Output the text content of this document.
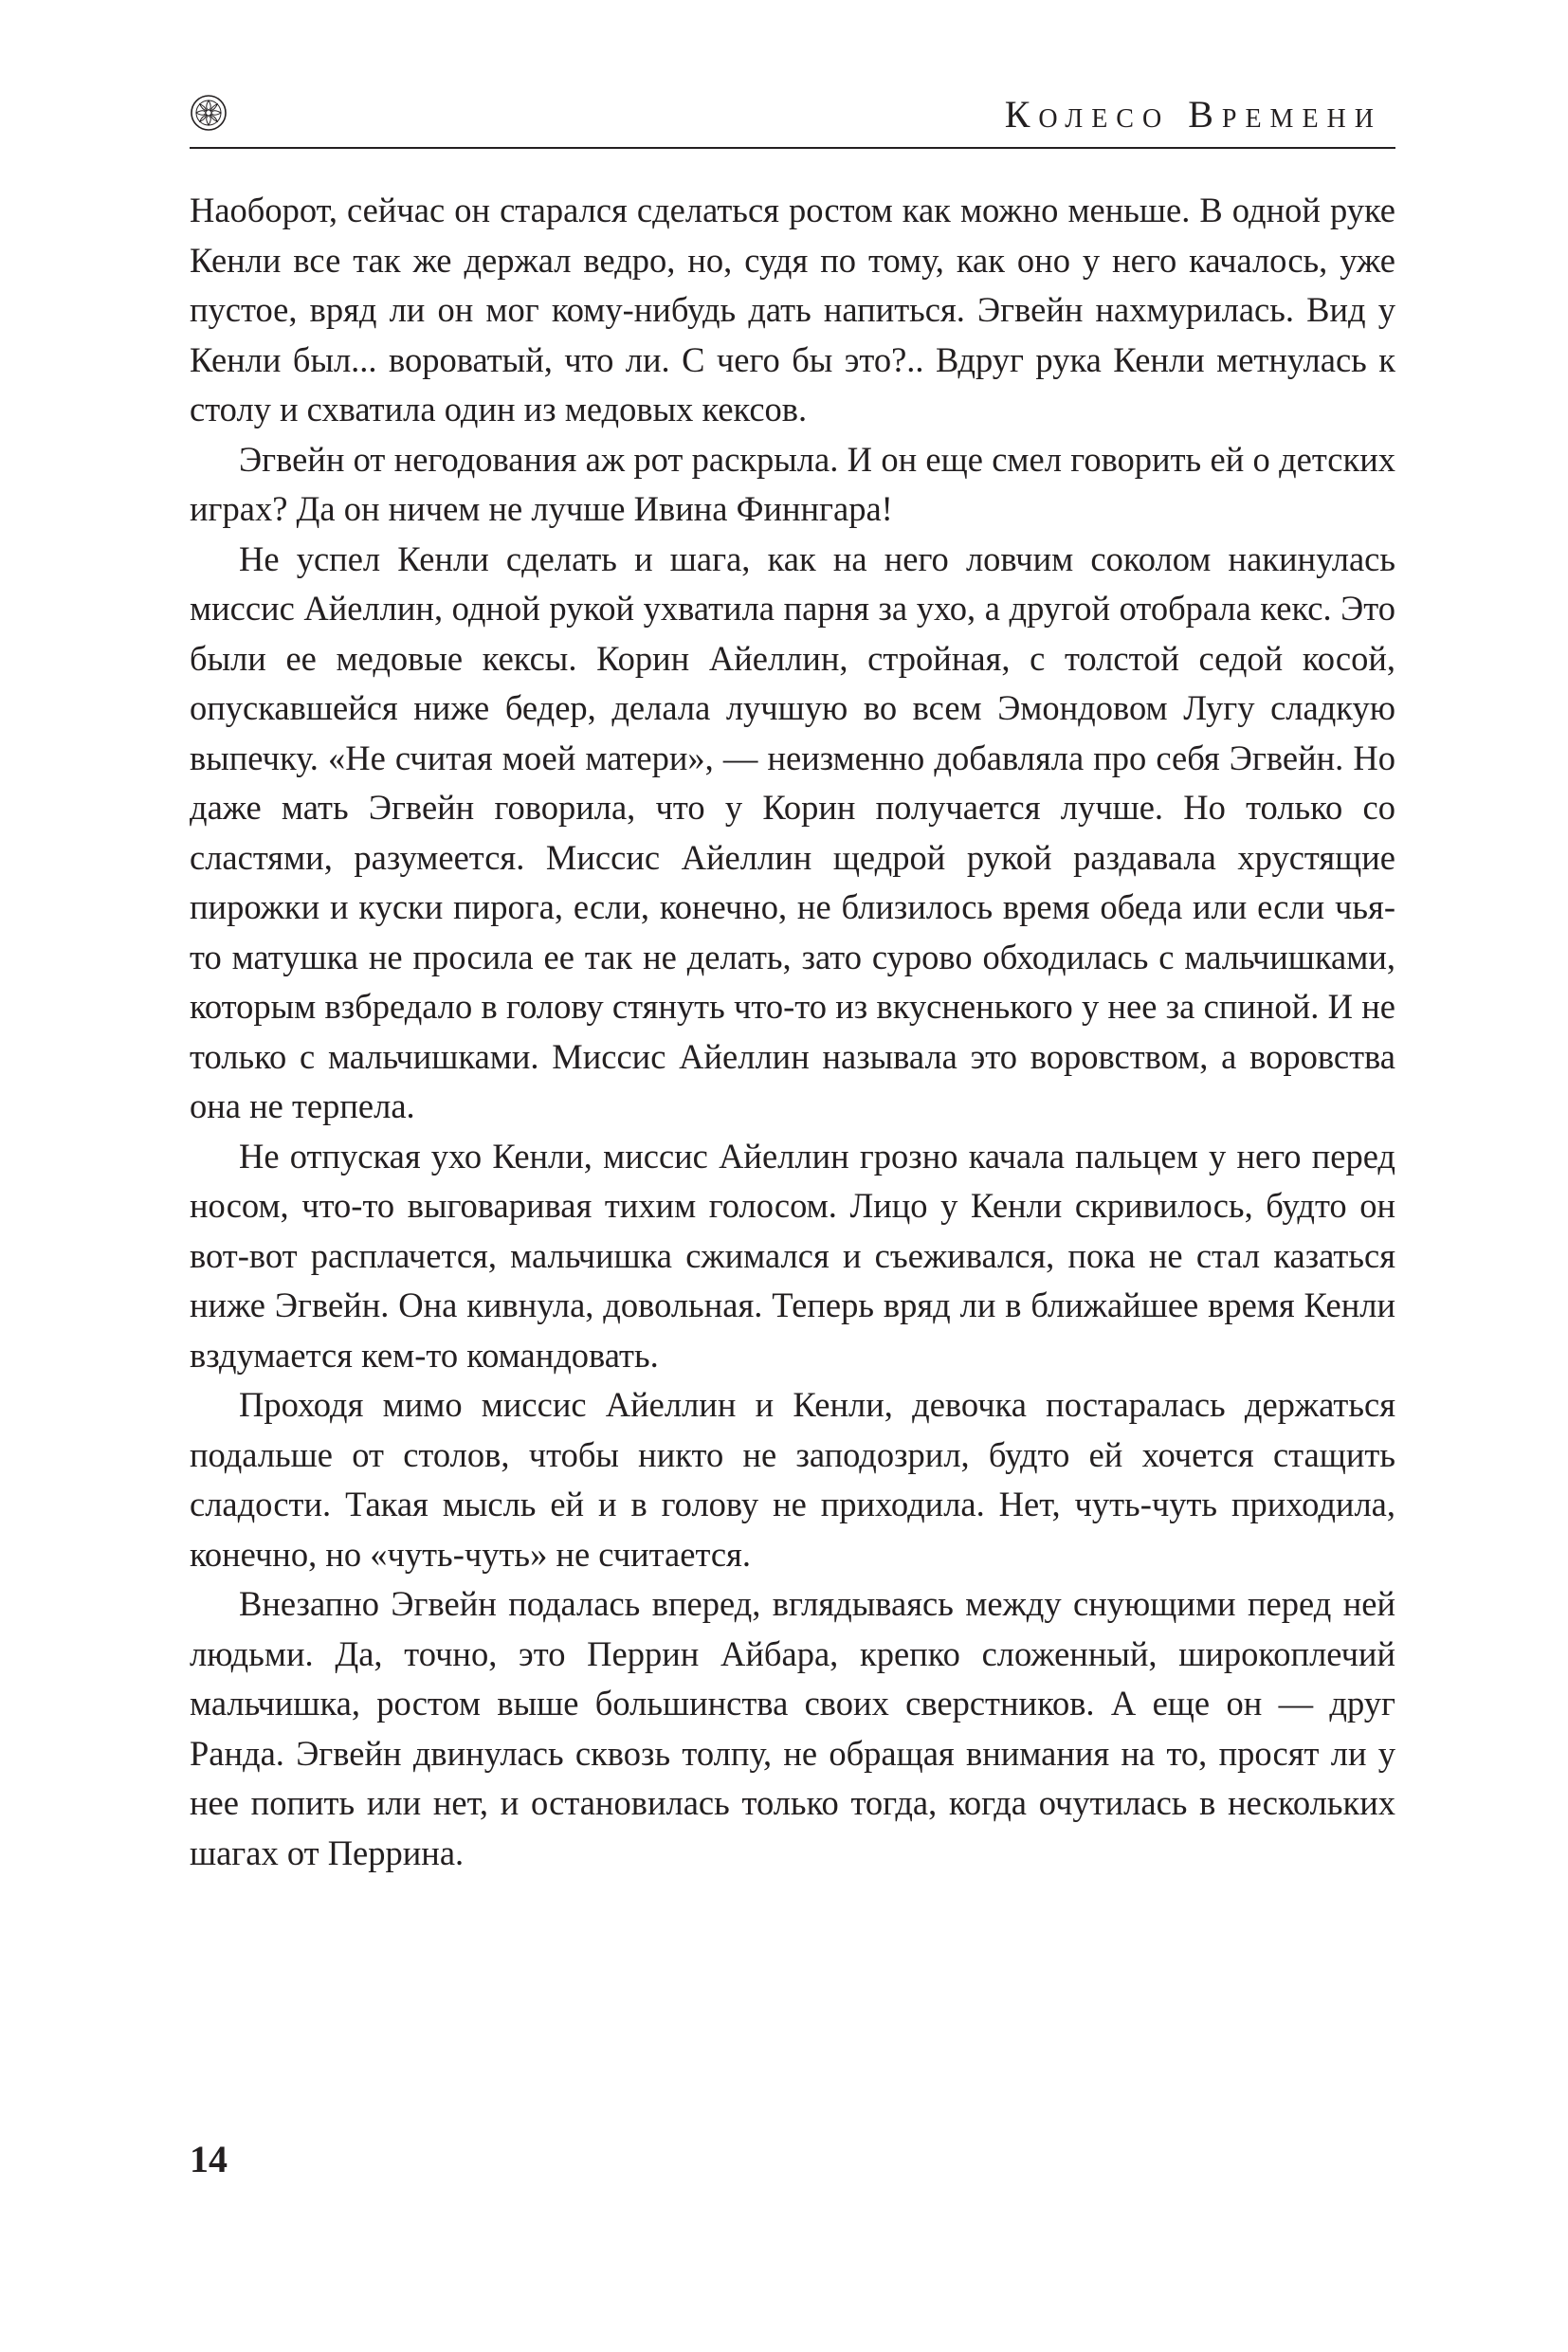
Колесо Времени

Наоборот, сейчас он старался сделаться ростом как можно меньше. В одной руке Кенли все так же держал ведро, но, судя по тому, как оно у него качалось, уже пустое, вряд ли он мог кому-нибудь дать напиться. Эгвейн нахмурилась. Вид у Кенли был... вороватый, что ли. С чего бы это?.. Вдруг рука Кенли метнулась к столу и схватила один из медовых кексов.

Эгвейн от негодования аж рот раскрыла. И он еще смел говорить ей о детских играх? Да он ничем не лучше Ивина Финнгара!

Не успел Кенли сделать и шага, как на него ловчим соколом накинулась миссис Айеллин, одной рукой ухватила парня за ухо, а другой отобрала кекс. Это были ее медовые кексы. Корин Айеллин, стройная, с толстой седой косой, опускавшейся ниже бедер, делала лучшую во всем Эмондовом Лугу сладкую выпечку. «Не считая моей матери», — неизменно добавляла про себя Эгвейн. Но даже мать Эгвейн говорила, что у Корин получается лучше. Но только со сластями, разумеется. Миссис Айеллин щедрой рукой раздавала хрустящие пирожки и куски пирога, если, конечно, не близилось время обеда или если чья-то матушка не просила ее так не делать, зато сурово обходилась с мальчишками, которым взбредало в голову стянуть что-то из вкусненького у нее за спиной. И не только с мальчишками. Миссис Айеллин называла это воровством, а воровства она не терпела.

Не отпуская ухо Кенли, миссис Айеллин грозно качала пальцем у него перед носом, что-то выговаривая тихим голосом. Лицо у Кенли скривилось, будто он вот-вот расплачется, мальчишка сжимался и съеживался, пока не стал казаться ниже Эгвейн. Она кивнула, довольная. Теперь вряд ли в ближайшее время Кенли вздумается кем-то командовать.

Проходя мимо миссис Айеллин и Кенли, девочка постаралась держаться подальше от столов, чтобы никто не заподозрил, будто ей хочется стащить сладости. Такая мысль ей и в голову не приходила. Нет, чуть-чуть приходила, конечно, но «чуть-чуть» не считается.

Внезапно Эгвейн подалась вперед, вглядываясь между снующими перед ней людьми. Да, точно, это Перрин Айбара, крепко сложенный, широкоплечий мальчишка, ростом выше большинства своих сверстников. А еще он — друг Ранда. Эгвейн двинулась сквозь толпу, не обращая внимания на то, просят ли у нее попить или нет, и остановилась только тогда, когда очутилась в нескольких шагах от Перрина.

14
